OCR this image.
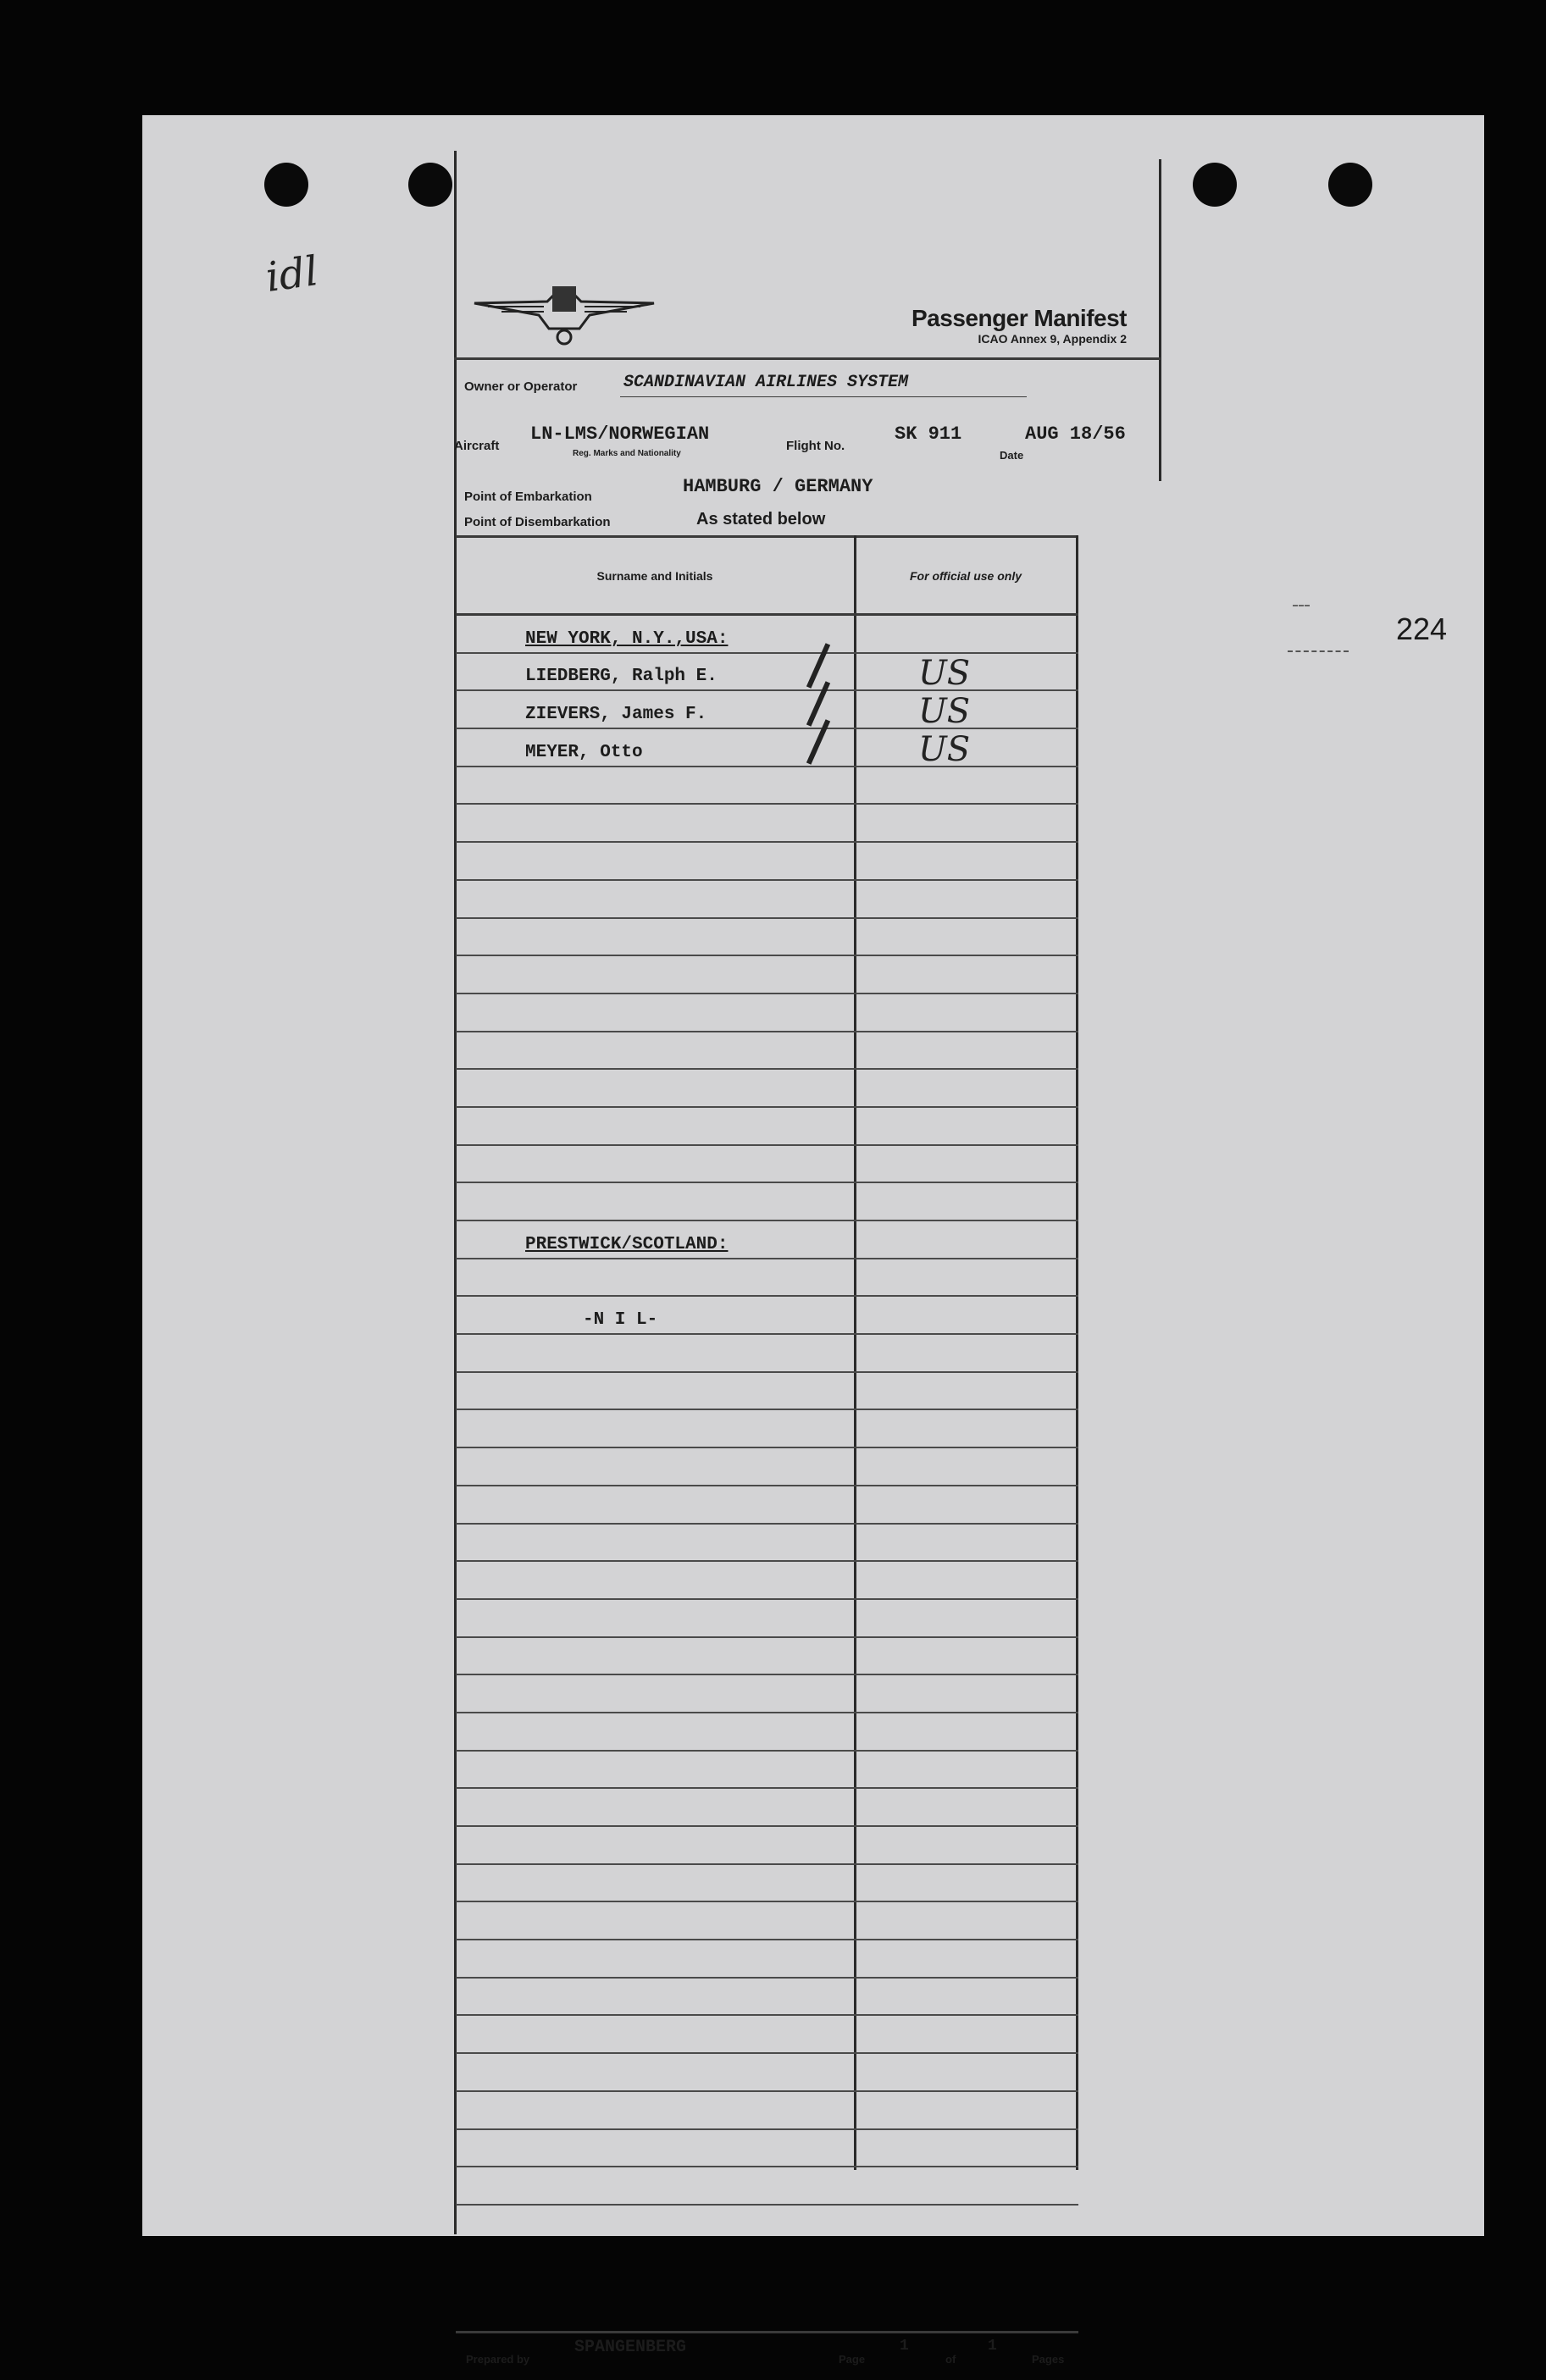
idl
224
Passenger Manifest
ICAO Annex 9, Appendix 2
Owner or Operator	SCANDINAVIAN AIRLINES SYSTEM
Aircraft
LN-LMS/NORWEGIAN
Reg. Marks and Nationality
Flight No.
SK 911
Date
AUG 18/56
Point of Embarkation	HAMBURG / GERMANY
Point of Disembarkation	As stated below
Surname and Initials	For official use only
NEW YORK, N.Y.,USA:
LIEDBERG, Ralph E.	US
ZIEVERS, James F.	US
MEYER, Otto	US
PRESTWICK/SCOTLAND:
-N I L-
Prepared by
SPANGENBERG
Page
1
of
1
Pages
